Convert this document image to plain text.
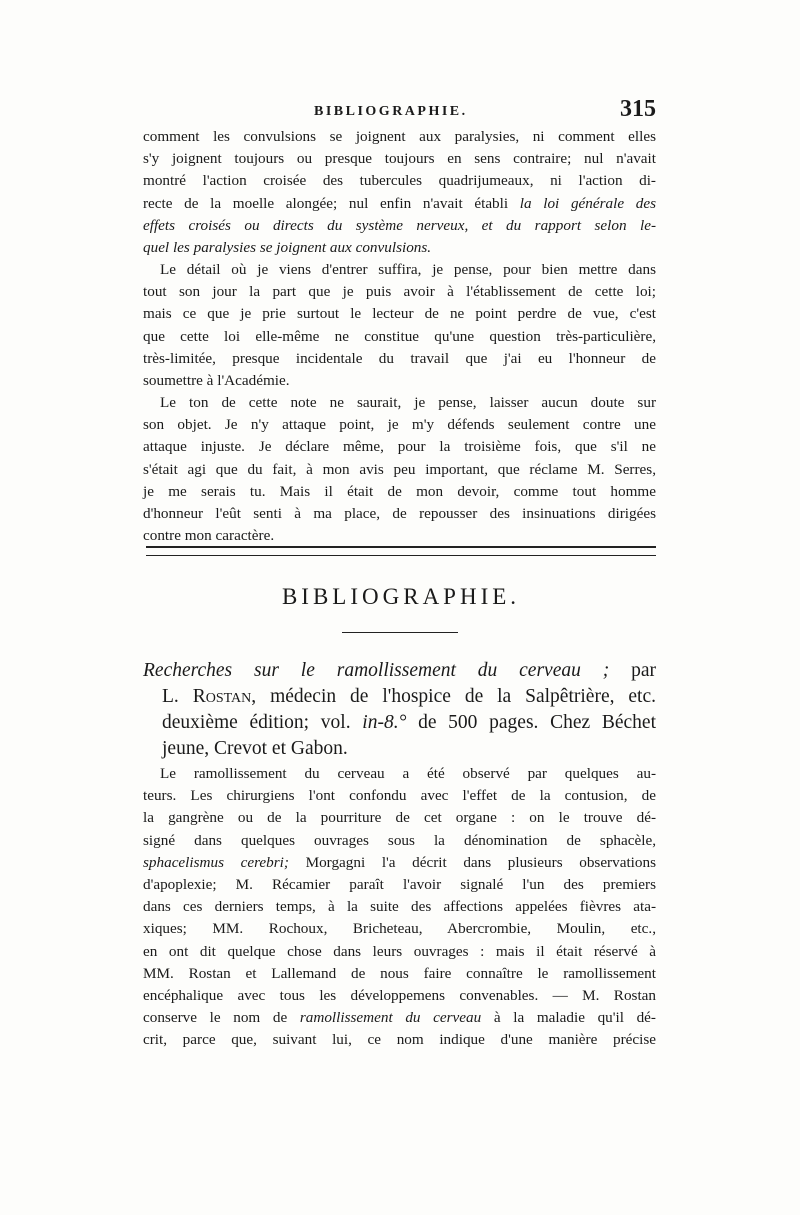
BIBLIOGRAPHIE.	315
comment les convulsions se joignent aux paralysies, ni comment elles
s'y joignent toujours ou presque toujours en sens contraire; nul n'avait
montré l'action croisée des tubercules quadrijumeaux, ni l'action di-
recte de la moelle alongée; nul enfin n'avait établi la loi générale des
effets croisés ou directs du système nerveux, et du rapport selon le-
quel les paralysies se joignent aux convulsions.
Le détail où je viens d'entrer suffira, je pense, pour bien mettre dans
tout son jour la part que je puis avoir à l'établissement de cette loi;
mais ce que je prie surtout le lecteur de ne point perdre de vue, c'est
que cette loi elle-même ne constitue qu'une question très-particulière,
très-limitée, presque incidentale du travail que j'ai eu l'honneur de
soumettre à l'Académie.
Le ton de cette note ne saurait, je pense, laisser aucun doute sur
son objet. Je n'y attaque point, je m'y défends seulement contre une
attaque injuste. Je déclare même, pour la troisième fois, que s'il ne
s'était agi que du fait, à mon avis peu important, que réclame M. Serres,
je me serais tu. Mais il était de mon devoir, comme tout homme
d'honneur l'eût senti à ma place, de repousser des insinuations dirigées
contre mon caractère.
BIBLIOGRAPHIE.
Recherches sur le ramollissement du cerveau ; par
L. Rostan, médecin de l'hospice de la Salpêtrière, etc.
deuxième édition; vol. in-8.° de 500 pages. Chez Béchet
jeune, Crevot et Gabon.
Le ramollissement du cerveau a été observé par quelques au-
teurs. Les chirurgiens l'ont confondu avec l'effet de la contusion, de
la gangrène ou de la pourriture de cet organe : on le trouve dé-
signé dans quelques ouvrages sous la dénomination de sphacèle,
sphacelismus cerebri; Morgagni l'a décrit dans plusieurs observations
d'apoplexie; M. Récamier paraît l'avoir signalé l'un des premiers
dans ces derniers temps, à la suite des affections appelées fièvres ata-
xiques; MM. Rochoux, Bricheteau, Abercrombie, Moulin, etc.,
en ont dit quelque chose dans leurs ouvrages : mais il était réservé à
MM. Rostan et Lallemand de nous faire connaître le ramollissement
encéphalique avec tous les développemens convenables. — M. Rostan
conserve le nom de ramollissement du cerveau à la maladie qu'il dé-
crit, parce que, suivant lui, ce nom indique d'une manière précise
